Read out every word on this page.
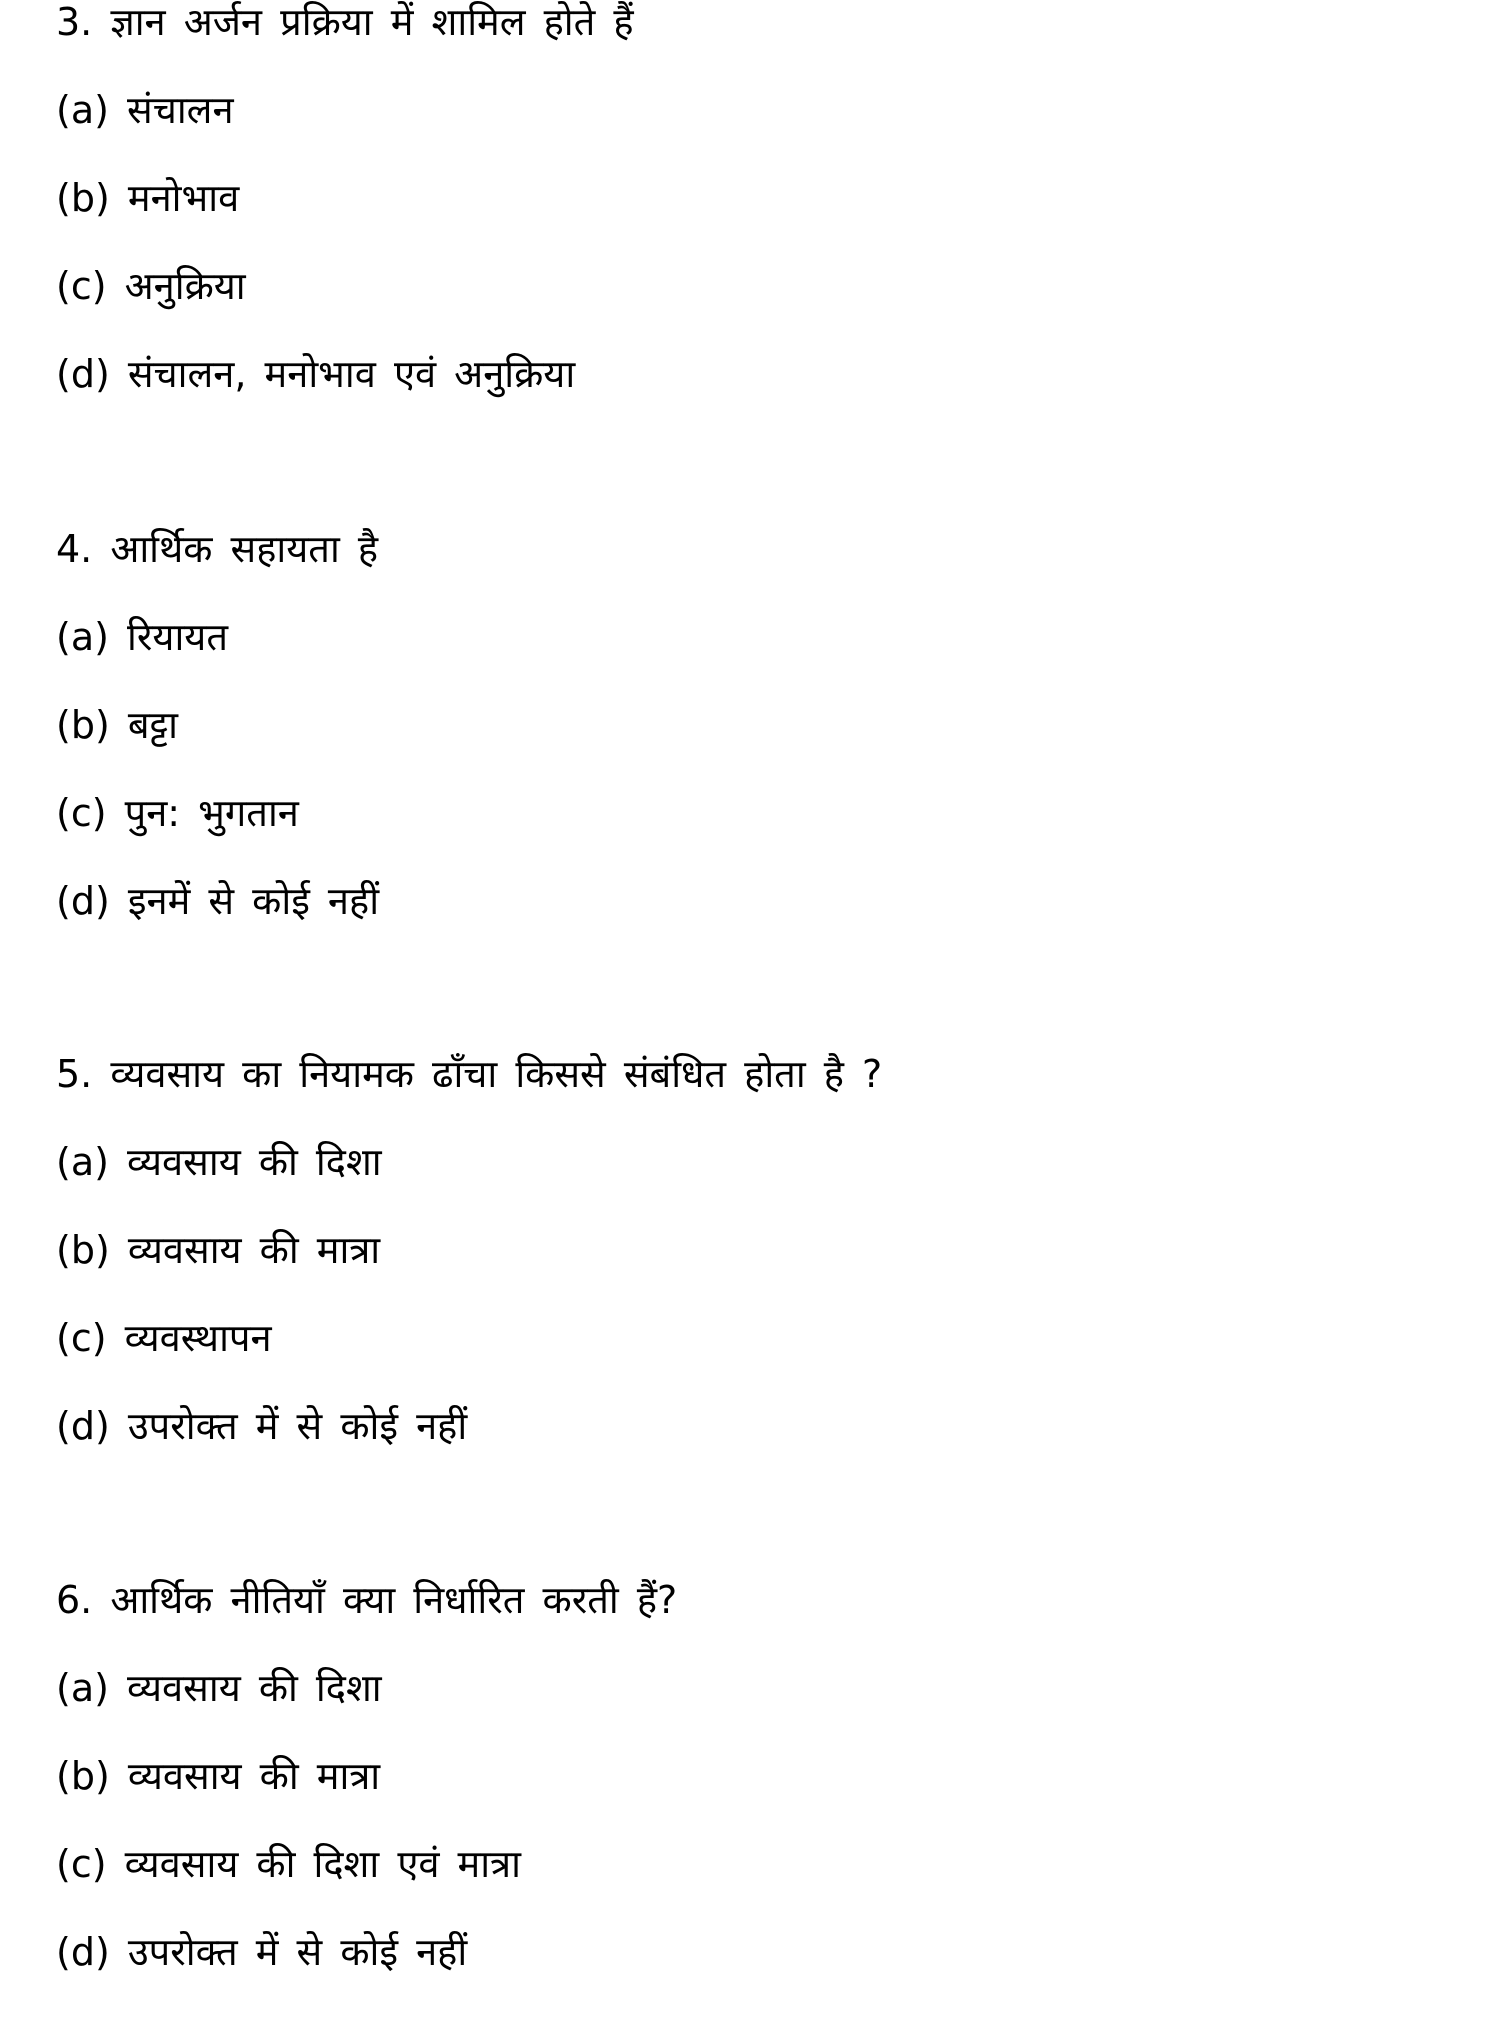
3. ज्ञान अर्जन प्रक्रिया में शामिल होते हैं
(a) संचालन
(b) मनोभाव
(c) अनुक्रिया
(d) संचालन, मनोभाव एवं अनुक्रिया
4. आर्थिक सहायता है
(a) रियायत
(b) बट्टा
(c) पुन: भुगतान
(d) इनमें से कोई नहीं
5. व्यवसाय का नियामक ढाँचा किससे संबंधित होता है ?
(a) व्यवसाय की दिशा
(b) व्यवसाय की मात्रा
(c) व्यवस्थापन
(d) उपरोक्त में से कोई नहीं
6. आर्थिक नीतियाँ क्या निर्धारित करती हैं?
(a) व्यवसाय की दिशा
(b) व्यवसाय की मात्रा
(c) व्यवसाय की दिशा एवं मात्रा
(d) उपरोक्त में से कोई नहीं
